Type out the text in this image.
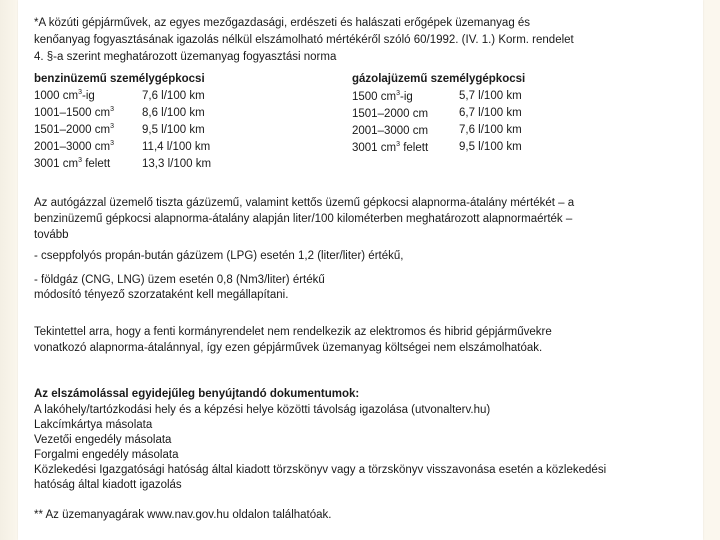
*A közúti gépjárművek, az egyes mezőgazdasági, erdészeti és halászati erőgépek üzemanyag és
kenőanyag fogyasztásának igazolás nélkül elszámolható mértékéről szóló 60/1992. (IV. 1.) Korm. rendelet
4. §-a szerint meghatározott üzemanyag fogyasztási norma
benzinüzemű személygépkocsi	gázolajüzemű személygépkocsi
1000 $cm^3-ig$	7,6 l/100 km
1001–1500 $cm^3$ 8,6 l/100 km
1501–2000 $cm^3$ 9,5 l/100 km
2001–3000 $cm^3$ 11,4 l/100 km
3001 $cm^3$ felett	13,3 l/100 km
1500 $cm^3-ig$	5,7 l/100 km
1501–2000 cm	6,7 l/100 km
2001–3000 cm	7,6 l/100 km
3001 $cm^3$ felett	9,5 l/100 km
Az autógázzal üzemelő tiszta gázüzemű, valamint kettős üzemű gépkocsi alapnorma-átalány mértékét – a
benzinüzemű gépkocsi alapnorma-átalány alapján liter/100 kilométerben meghatározott alapnormaérték –
tovább
- cseppfolyós propán-bután gázüzem (LPG) esetén 1,2 (liter/liter) értékű,
- földgáz (CNG, LNG) üzem esetén 0,8 (Nm3/liter) értékű
módosító tényező szorzataként kell megállapítani.
Tekintettel arra, hogy a fenti kormányrendelet nem rendelkezik az elektromos és hibrid gépjárművekre
vonatkozó alapnorma-átalánnyal, így ezen gépjárművek üzemanyag költségei nem elszámolhatóak.
Az elszámolással egyidejűleg benyújtandó dokumentumok:
A lakóhely/tartózkodási hely és a képzési helye közötti távolság igazolása (utvonalterv.hu)
Lakcímkártya másolata
Vezetői engedély másolata
Forgalmi engedély másolata
Közlekedési Igazgatósági hatóság által kiadott törzskönyv vagy a törzskönyv visszavonása esetén a közlekedési
hatóság által kiadott igazolás
** Az üzemanyagárak www.nav.gov.hu oldalon találhatóak.
